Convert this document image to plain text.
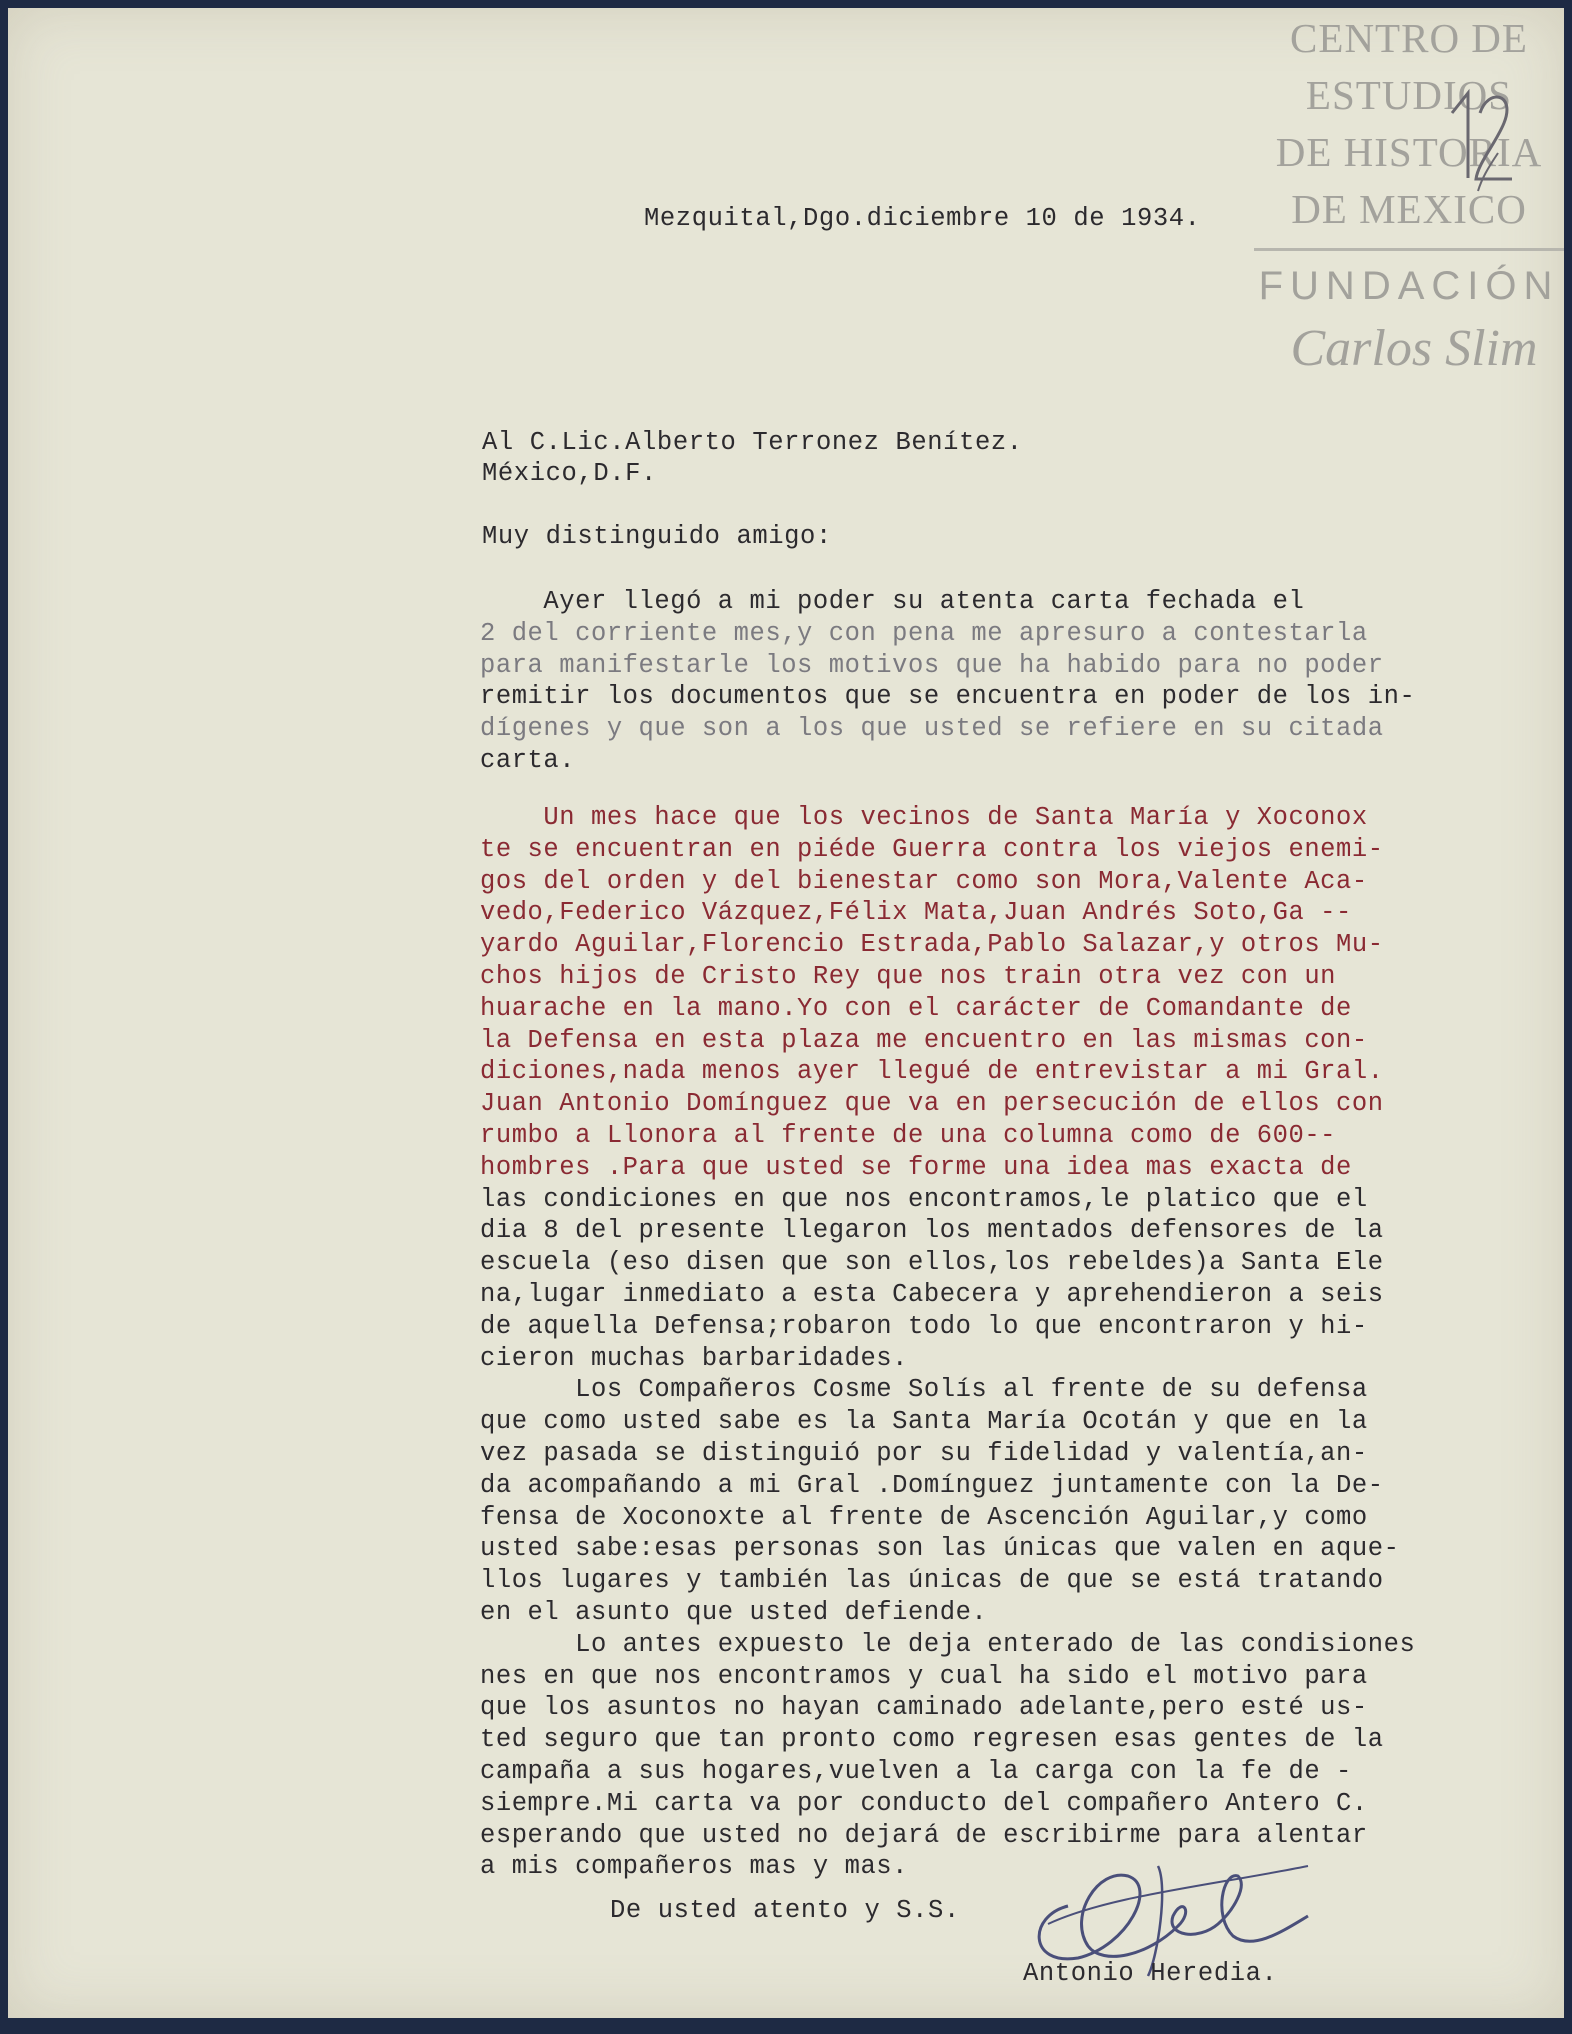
CENTRO DE
ESTUDIOS
DE HISTORIA
DE MEXICO
FUNDACIÓN
Carlos Slim
Mezquital,Dgo.diciembre 10 de 1934.
Al C.Lic.Alberto Terronez Benítez.
México,D.F.
Muy distinguido amigo:
Ayer llegó a mi poder su atenta carta fechada el
2 del corriente mes,y con pena me apresuro a contestarla
para manifestarle los motivos que ha habido para no poder
remitir los documentos que se encuentra en poder de los in-
dígenes y que son a los que usted se refiere en su citada
carta.
Un mes hace que los vecinos de Santa María y Xoconox
te se encuentran en piéde Guerra contra los viejos enemi-
gos del orden y del bienestar como son Mora,Valente Aca-
vedo,Federico Vázquez,Félix Mata,Juan Andrés Soto,Ga --
yardo Aguilar,Florencio Estrada,Pablo Salazar,y otros Mu-
chos hijos de Cristo Rey que nos train otra vez con un
huarache en la mano.Yo con el carácter de Comandante de
la Defensa en esta plaza me encuentro en las mismas con-
diciones,nada menos ayer llegué de entrevistar a mi Gral.
Juan Antonio Domínguez que va en persecución de ellos con
rumbo a Llonora al frente de una columna como de 600--
hombres .Para que usted se forme una idea mas exacta de
las condiciones en que nos encontramos,le platico que el
dia 8 del presente llegaron los mentados defensores de la
escuela (eso disen que son ellos,los rebeldes)a Santa Ele
na,lugar inmediato a esta Cabecera y aprehendieron a seis
de aquella Defensa;robaron todo lo que encontraron y hi-
cieron muchas barbaridades.
Los Compañeros Cosme Solís al frente de su defensa
que como usted sabe es la Santa María Ocotán y que en la
vez pasada se distinguió por su fidelidad y valentía,an-
da acompañando a mi Gral .Domínguez juntamente con la De-
fensa de Xoconoxte al frente de Ascención Aguilar,y como
usted sabe:esas personas son las únicas que valen en aque-
llos lugares y también las únicas de que se está tratando
en el asunto que usted defiende.
Lo antes expuesto le deja enterado de las condisiones
nes en que nos encontramos y cual ha sido el motivo para
que los asuntos no hayan caminado adelante,pero esté us-
ted seguro que tan pronto como regresen esas gentes de la
campaña a sus hogares,vuelven a la carga con la fe de -
siempre.Mi carta va por conducto del compañero Antero C.
esperando que usted no dejará de escribirme para alentar
a mis compañeros mas y mas.
De usted atento y S.S.
Antonio Heredia.
